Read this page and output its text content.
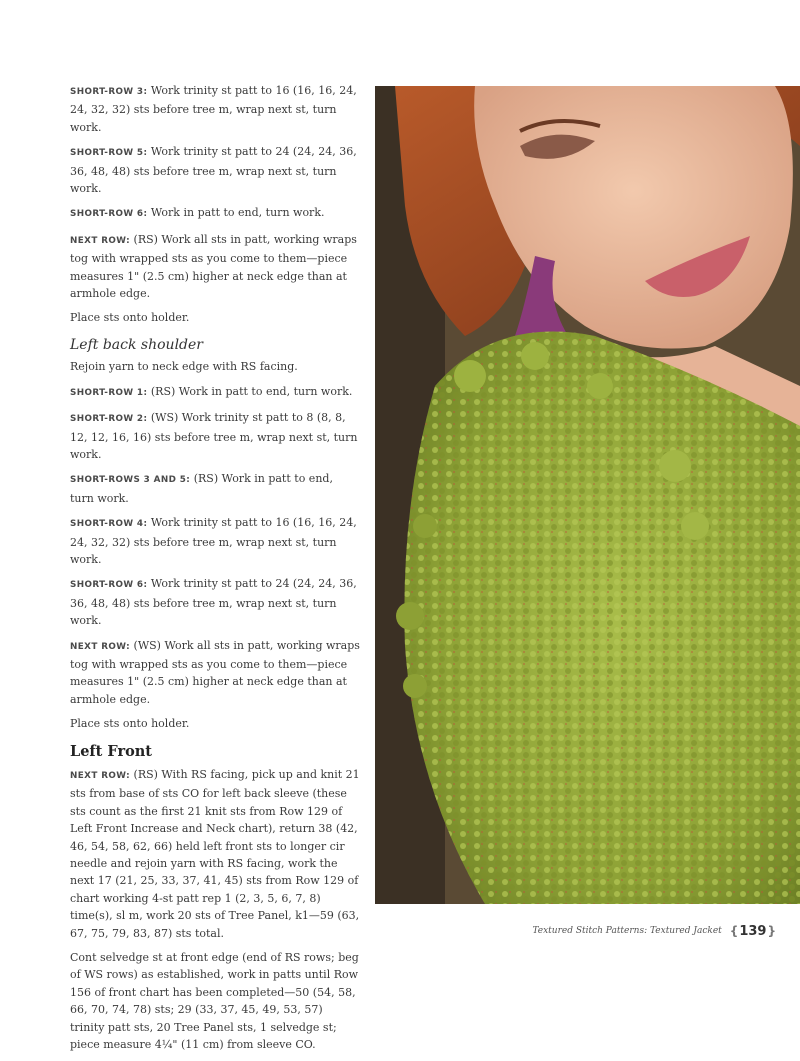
SHORT-ROW 3: Work trinity st patt to 16 (16, 16, 24, 24, 32, 32) sts before tree m, wrap next st, turn work.

SHORT-ROW 5: Work trinity st patt to 24 (24, 24, 36, 36, 48, 48) sts before tree m, wrap next st, turn work.

SHORT-ROW 6: Work in patt to end, turn work.

NEXT ROW: (RS) Work all sts in patt, working wraps tog with wrapped sts as you come to them—piece measures 1" (2.5 cm) higher at neck edge than at armhole edge.

Place sts onto holder.

Left back shoulder

Rejoin yarn to neck edge with RS facing.

SHORT-ROW 1: (RS) Work in patt to end, turn work.

SHORT-ROW 2: (WS) Work trinity st patt to 8 (8, 8, 12, 12, 16, 16) sts before tree m, wrap next st, turn work.

SHORT-ROWS 3 AND 5: (RS) Work in patt to end, turn work.

SHORT-ROW 4: Work trinity st patt to 16 (16, 16, 24, 24, 32, 32) sts before tree m, wrap next st, turn work.

SHORT-ROW 6: Work trinity st patt to 24 (24, 24, 36, 36, 48, 48) sts before tree m, wrap next st, turn work.

NEXT ROW: (WS) Work all sts in patt, working wraps tog with wrapped sts as you come to them—piece measures 1" (2.5 cm) higher at neck edge than at armhole edge.

Place sts onto holder.

Left Front

NEXT ROW: (RS) With RS facing, pick up and knit 21 sts from base of sts CO for left back sleeve (these sts count as the first 21 knit sts from Row 129 of Left Front Increase and Neck chart), return 38 (42, 46, 54, 58, 62, 66) held left front sts to longer cir needle and rejoin yarn with RS facing, work the next 17 (21, 25, 33, 37, 41, 45) sts from Row 129 of chart working 4-st patt rep 1 (2, 3, 5, 6, 7, 8) time(s), sl m, work 20 sts of Tree Panel, k1—59 (63, 67, 75, 79, 83, 87) sts total.

Cont selvedge st at front edge (end of RS rows; beg of WS rows) as established, work in patts until Row 156 of front chart has been completed—50 (54, 58, 66, 70, 74, 78) sts; 29 (33, 37, 45, 49, 53, 57) trinity patt sts, 20 Tree Panel sts, 1 selvedge st; piece measure 4¼" (11 cm) from sleeve CO.

Textured Stitch Patterns: Textured Jacket { 139 }
